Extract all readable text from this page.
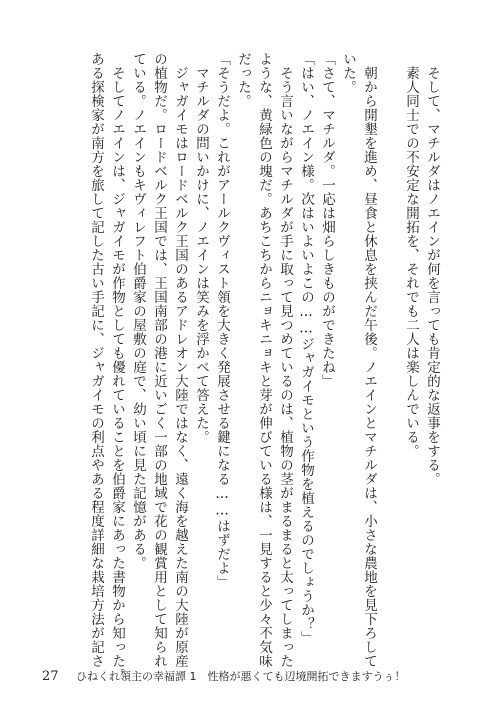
そして、マチルダはノエインが何を言っても肯定的な返事をする。

素人同士での不安定な開拓を、それでも二人は楽しんでいる。

朝から開墾を進め、昼食と休息を挟んだ午後。ノエインとマチルダは、小さな農地を見下ろして

いた。

「さて、マチルダ。一応は畑らしきものができたね」

「はい、ノエイン様。次はいよいよこの……ジャガイモという作物を植えるのでしょうか？」

そう言いながらマチルダが手に取って見つめているのは、植物の茎がまるまると太ってしまった

ような、黄緑色の塊だ。あちこちからニョキニョキと芽が伸びている様は、一見すると少々不気味

だった。

「そうだよ。これがアールクヴィスト領を大きく発展させる鍵になる……はずだよ」

マチルダの問いかけに、ノエインは笑みを浮かべて答えた。

ジャガイモはロードベルク王国のあるアドレオン大陸ではなく、遠く海を越えた南の大陸が原産

の植物だ。ロードベルク王国では、王国南部の港に近いごく一部の地域で花の観賞用として知られ

ている。ノエインもキヴィレフト伯爵家の屋敷の庭で、幼い頃に見た記憶がある。

そしてノエインは、ジャガイモが作物としても優れていることを伯爵家にあった書物から知った。

ある探検家が南方を旅して記した古い手記に、ジャガイモの利点やある程度詳細な栽培方法が記さ

27 ひねくれ領主の幸福譚 1　性格が悪くても辺境開拓できますうぅ！
